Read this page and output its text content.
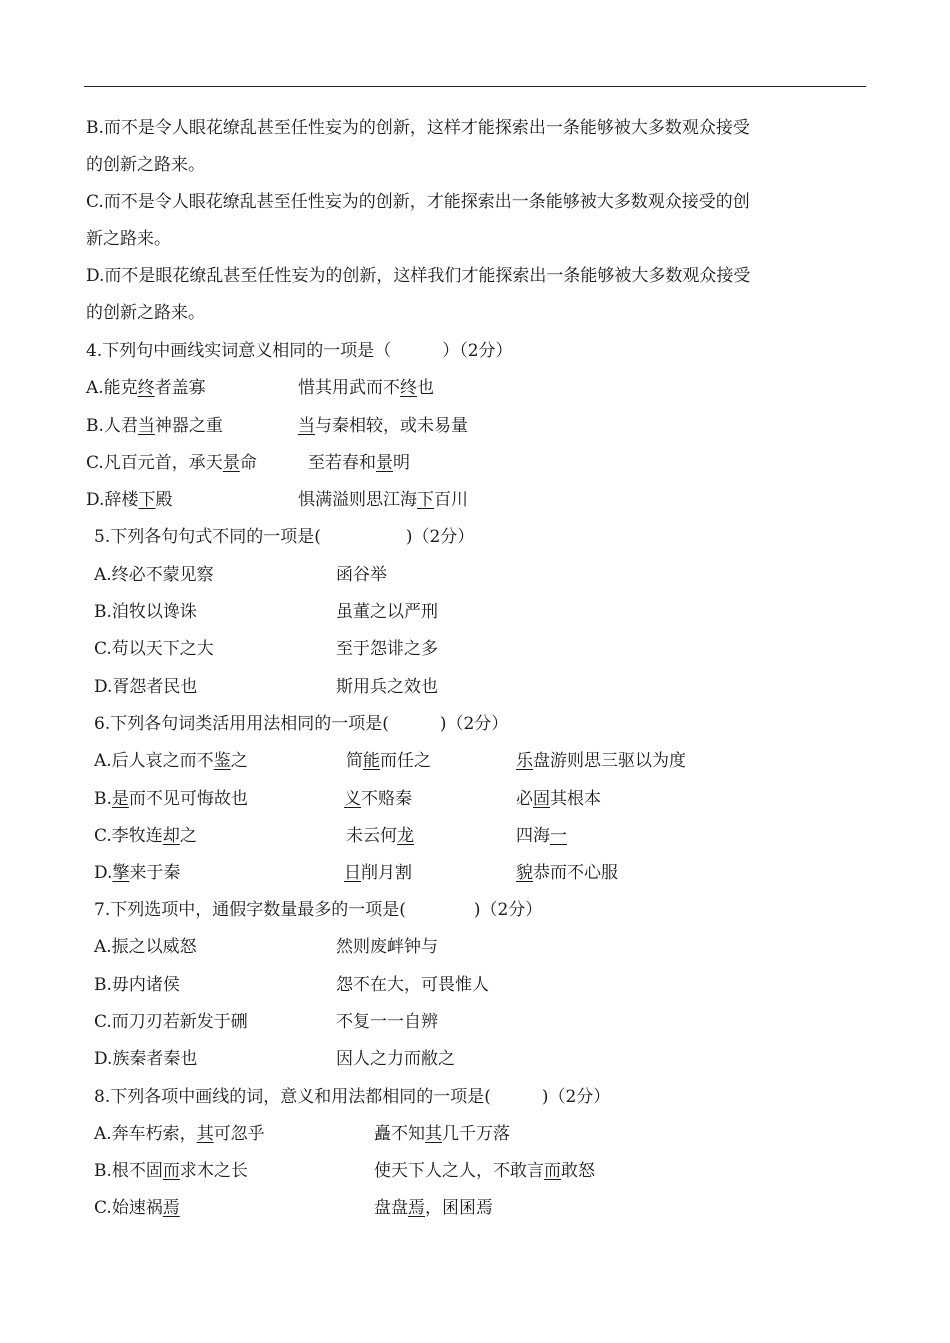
B.而不是令人眼花缭乱甚至任性妄为的创新，这样才能探索出一条能够被大多数观众接受
的创新之路来。
C.而不是令人眼花缭乱甚至任性妄为的创新，才能探索出一条能够被大多数观众接受的创
新之路来。
D.而不是眼花缭乱甚至任性妄为的创新，这样我们才能探索出一条能够被大多数观众接受
的创新之路来。
4.下列句中画线实词意义相同的一项是（　　　）（2分）
A.能克终者盖寡	惜其用武而不终也
B.人君当神器之重	当与秦相较，或未易量
C.凡百元首，承天景命	至若春和景明
D.辞楼下殿	惧满溢则思江海下百川
5.下列各句句式不同的一项是(　　　　　)（2分）
A.终必不蒙见察	函谷举
B.洎牧以谗诛	虽董之以严刑
C.苟以天下之大	至于怨诽之多
D.胥怨者民也	斯用兵之效也
6.下列各句词类活用用法相同的一项是(　　　)（2分）
A.后人哀之而不鉴之	简能而任之	乐盘游则思三驱以为度
B.是而不见可悔故也	义不赂秦	必固其根本
C.李牧连却之	未云何龙	四海一
D.擎来于秦	日削月割	貌恭而不心服
7.下列选项中，通假字数量最多的一项是(　　　　)（2分）
A.振之以威怒	然则废衅钟与
B.毋内诸侯	怨不在大，可畏惟人
C.而刀刃若新发于硎	不复一一自辨
D.族秦者秦也	因人之力而敝之
8.下列各项中画线的词，意义和用法都相同的一项是(　　　)（2分）
A.奔车朽索，其可忽乎	矗不知其几千万落
B.根不固而求木之长	使天下人之人，不敢言而敢怒
C.始速祸焉	盘盘焉，囷囷焉
